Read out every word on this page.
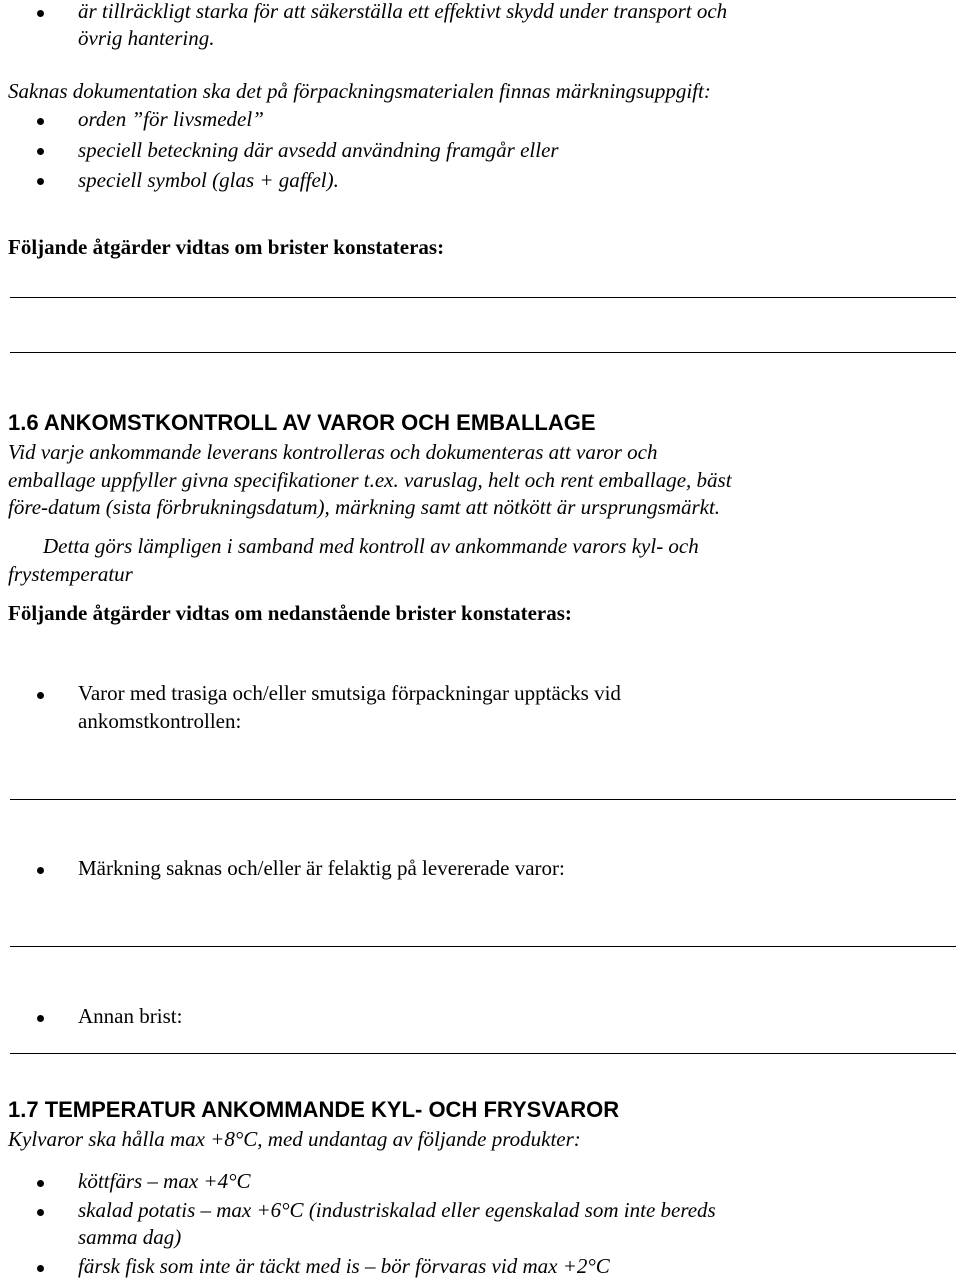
är tillräckligt starka för att säkerställa ett effektivt skydd under transport och
övrig hantering.
Saknas dokumentation ska det på förpackningsmaterialen finnas märkningsuppgift:
orden ”för livsmedel”
speciell beteckning där avsedd användning framgår eller
speciell symbol (glas + gaffel).
Följande åtgärder vidtas om brister konstateras:
1.6 ANKOMSTKONTROLL AV VAROR OCH EMBALLAGE
Vid varje ankommande leverans kontrolleras och dokumenteras att varor och
emballage uppfyller givna specifikationer t.ex. varuslag, helt och rent emballage, bäst
före-datum (sista förbrukningsdatum), märkning samt att nötkött är ursprungsmärkt.
Detta görs lämpligen i samband med kontroll av ankommande varors kyl- och
frystemperatur
Följande åtgärder vidtas om nedanstående brister konstateras:
Varor med trasiga och/eller smutsiga förpackningar upptäcks vid
ankomstkontrollen:
Märkning saknas och/eller är felaktig på levererade varor:
Annan brist:
1.7 TEMPERATUR ANKOMMANDE KYL- OCH FRYSVAROR
Kylvaror ska hålla max +8°C, med undantag av följande produkter:
köttfärs – max +4°C
skalad potatis – max +6°C (industriskalad eller egenskalad som inte bereds
samma dag)
färsk fisk som inte är täckt med is – bör förvaras vid max +2°C
